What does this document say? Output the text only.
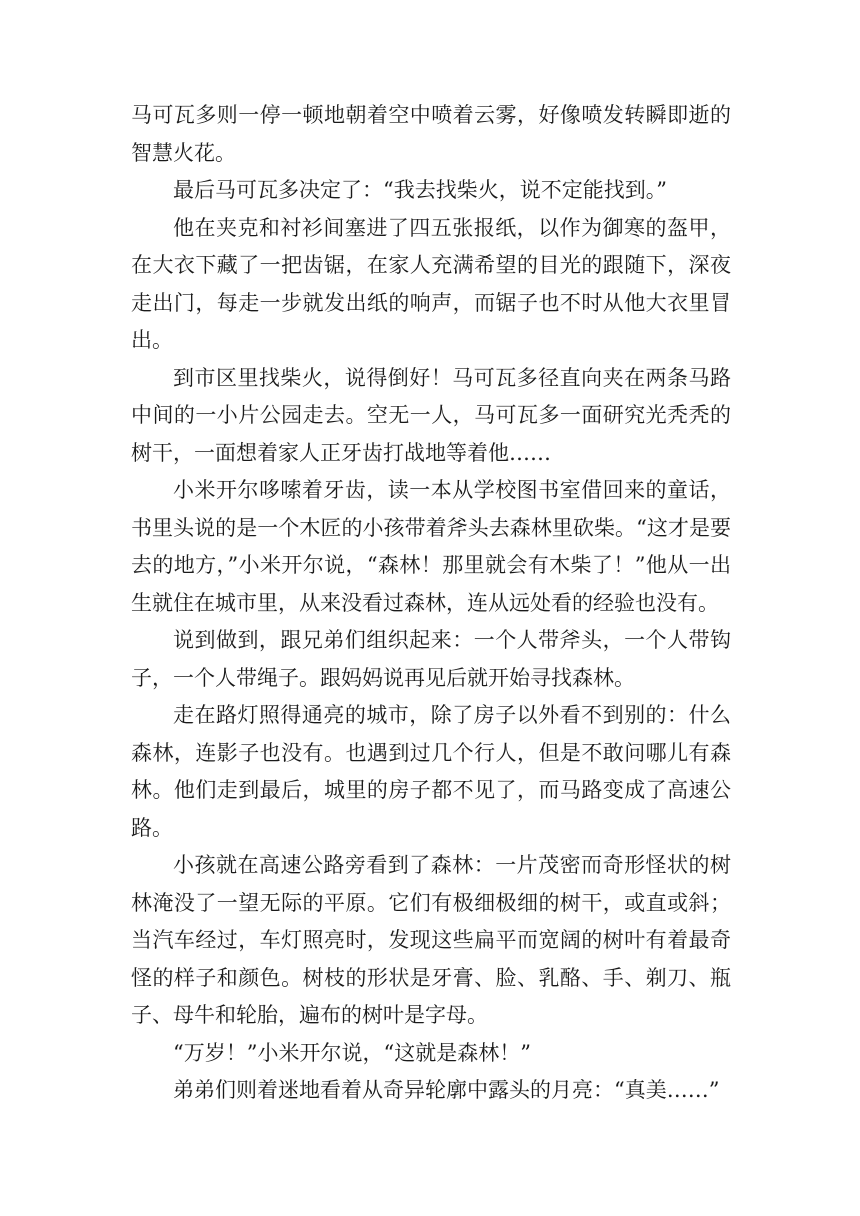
马可瓦多则一停一顿地朝着空中喷着云雾，好像喷发转瞬即逝的智慧火花。

最后马可瓦多决定了：“我去找柴火，说不定能找到。”

他在夹克和衬衫间塞进了四五张报纸，以作为御寒的盔甲，在大衣下藏了一把齿锯，在家人充满希望的目光的跟随下，深夜走出门，每走一步就发出纸的响声，而锯子也不时从他大衣里冒出。

到市区里找柴火，说得倒好！马可瓦多径直向夹在两条马路中间的一小片公园走去。空无一人，马可瓦多一面研究光秃秃的树干，一面想着家人正牙齿打战地等着他……

小米开尔哆嗦着牙齿，读一本从学校图书室借回来的童话，书里头说的是一个木匠的小孩带着斧头去森林里砍柴。“这才是要去的地方，”小米开尔说，“森林！那里就会有木柴了！”他从一出生就住在城市里，从来没看过森林，连从远处看的经验也没有。

说到做到，跟兄弟们组织起来：一个人带斧头，一个人带钩子，一个人带绳子。跟妈妈说再见后就开始寻找森林。

走在路灯照得通亮的城市，除了房子以外看不到别的：什么森林，连影子也没有。也遇到过几个行人，但是不敢问哪儿有森林。他们走到最后，城里的房子都不见了，而马路变成了高速公路。

小孩就在高速公路旁看到了森林：一片茂密而奇形怪状的树林淹没了一望无际的平原。它们有极细极细的树干，或直或斜；当汽车经过，车灯照亮时，发现这些扁平而宽阔的树叶有着最奇怪的样子和颜色。树枝的形状是牙膏、脸、乳酪、手、剃刀、瓶子、母牛和轮胎，遍布的树叶是字母。

“万岁！”小米开尔说，“这就是森林！”

弟弟们则着迷地看着从奇异轮廓中露头的月亮：“真美……”
